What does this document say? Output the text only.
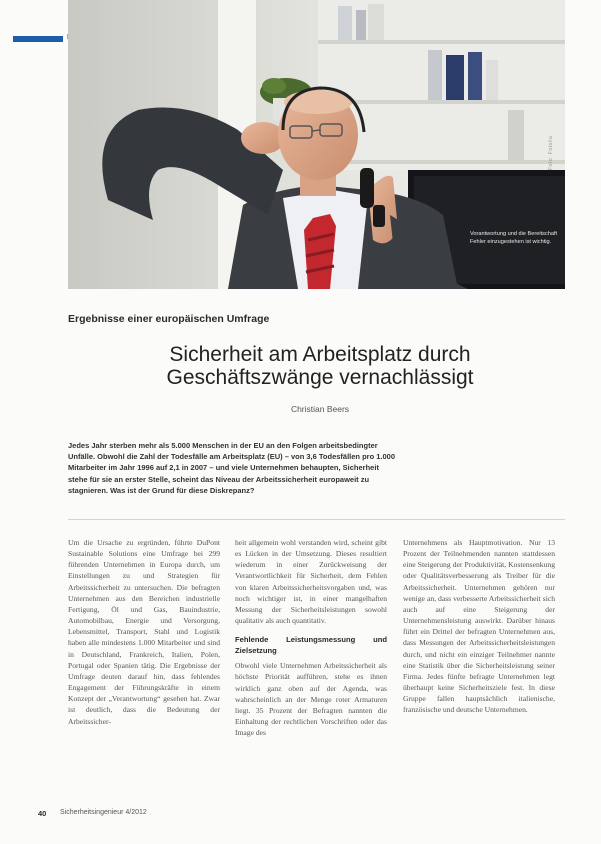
Vorantwortung und die Bereitschaft Fehler einzugestehen ist wichtig.
Foto: Fotolia
Ergebnisse einer europäischen Umfrage
Sicherheit am Arbeitsplatz durch Geschäftszwänge vernachlässigt
Christian Beers
Jedes Jahr sterben mehr als 5.000 Menschen in der EU an den Folgen arbeitsbedingter Unfälle. Obwohl die Zahl der Todesfälle am Arbeitsplatz (EU) – von 3,6 Todesfällen pro 1.000 Mitarbeiter im Jahr 1996 auf 2,1 in 2007 – und viele Unternehmen behaupten, Sicherheit stehe für sie an erster Stelle, scheint das Niveau der Arbeitssicherheit europaweit zu stagnieren. Was ist der Grund für diese Diskrepanz?

Um die Ursache zu ergründen, führte DuPont Sustainable Solutions eine Umfrage bei 299 führenden Unternehmen in Europa durch, um Einstellungen zu und Strategien für Arbeitssicherheit zu untersuchen. Die befragten Unternehmen aus den Bereichen industrielle Fertigung, Öl und Gas, Bauindustrie, Automobilbau, Energie und Versorgung, Lebensmittel, Transport, Stahl und Logistik haben alle mindestens 1.000 Mitarbeiter und sind in Deutschland, Frankreich, Italien, Polen, Portugal oder Spanien tätig. Die Ergebnisse der Umfrage deuten darauf hin, dass fehlendes Engagement der Führungskräfte in einem Konzept der „Verantwortung“ gesehen hat. Zwar ist deutlich, dass die Bedeutung der Arbeitssicher-

heit allgemein wohl verstanden wird, scheint gibt es Lücken in der Umsetzung. Dieses resultiert wiederum in einer Zurückweisung der Verantwortlichkeit für Sicherheit, dem Fehlen von klaren Arbeitssicherheitsvorgaben und, was noch wichtiger ist, in einer mangelhaften Messung der Sicherheitsleistungen sowohl qualitativ als auch quantitativ.

Fehlende Leistungsmessung und Zielsetzung

Obwohl viele Unternehmen Arbeitssicherheit als höchste Priorität aufführen, stehe es ihnen wirklich ganz oben auf der Agenda, was wahrscheinlich an der Menge roter Armaturen liegt. 35 Prozent der Befragten nannten die Einhaltung der rechtlichen Vorschriften oder das Image des

Unternehmens als Hauptmotivation. Nur 13 Prozent der Teilnehmenden nannten stattdessen eine Steigerung der Produktivität, Kostensenkung oder Qualitätsverbesserung als Treiber für die Arbeitssicherheit. Unternehmen gehören nur wenige an, dass verbesserte Arbeitssicherheit sich auch auf eine Steigerung der Unternehmensleistung auswirkt. Darüber hinaus führt ein Drittel der befragten Unternehmen aus, dass Messungen der Arbeitssicherheitsleistungen durch, und nicht ein einziger Teilnehmer nannte eine Statistik über die Sicherheitsleistung seiner Firma. Jedes fünfte befragte Unternehmen legt überhaupt keine Sicherheitsziele fest. In diese Gruppe fallen hauptsächlich italienische, französische und deutsche Unternehmen.

40 Sicherheitsingenieur 4/2012
